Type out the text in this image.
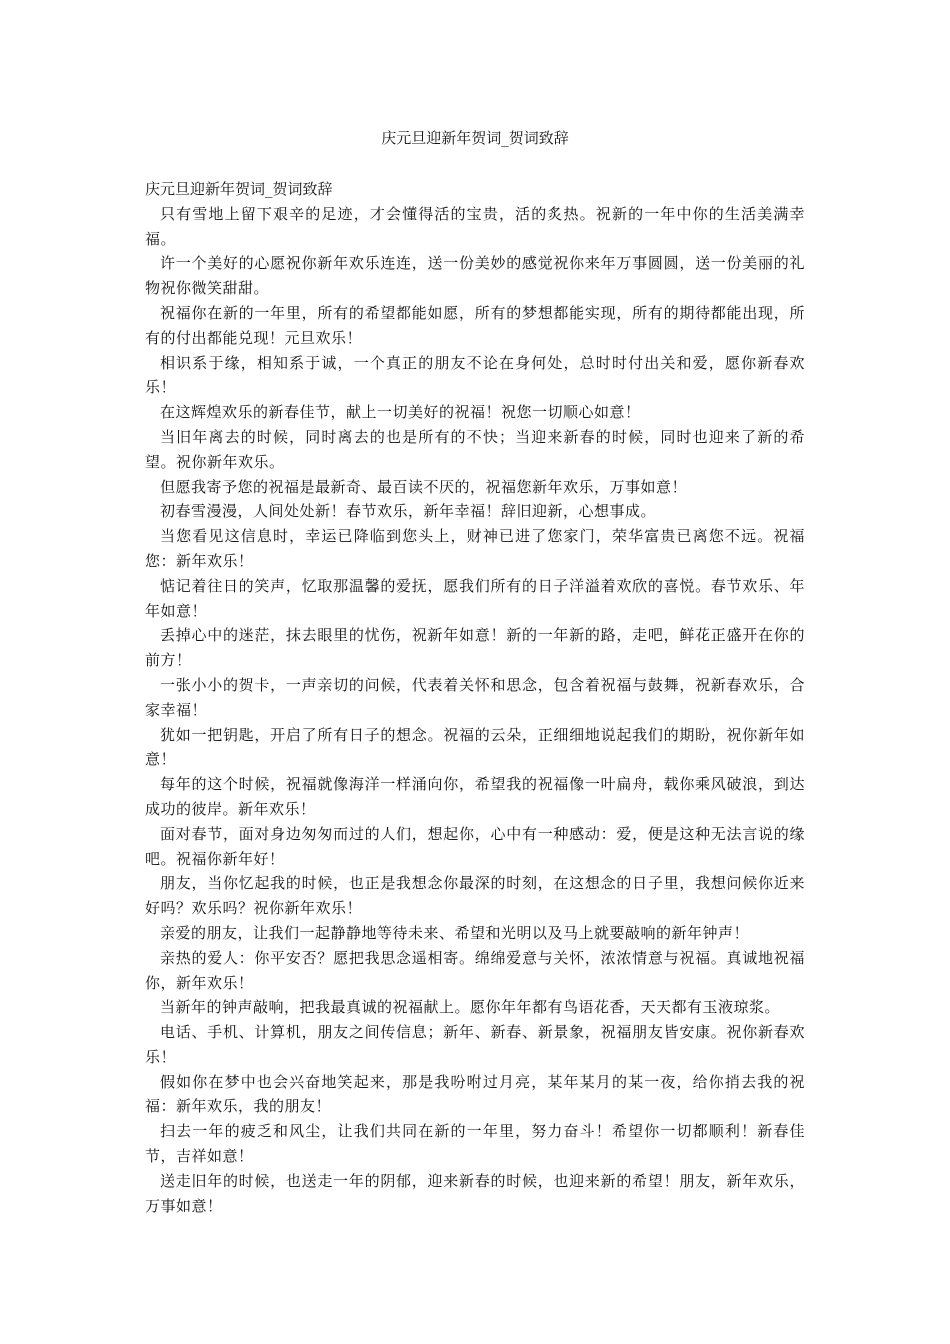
庆元旦迎新年贺词_贺词致辞

庆元旦迎新年贺词_贺词致辞

只有雪地上留下艰辛的足迹，才会懂得活的宝贵，活的炙热。祝新的一年中你的生活美满幸福。

许一个美好的心愿祝你新年欢乐连连，送一份美妙的感觉祝你来年万事圆圆，送一份美丽的礼物祝你微笑甜甜。

祝福你在新的一年里，所有的希望都能如愿，所有的梦想都能实现，所有的期待都能出现，所有的付出都能兑现！元旦欢乐！

相识系于缘，相知系于诚，一个真正的朋友不论在身何处，总时时付出关和爱，愿你新春欢乐！

在这辉煌欢乐的新春佳节，献上一切美好的祝福！祝您一切顺心如意！

当旧年离去的时候，同时离去的也是所有的不快；当迎来新春的时候，同时也迎来了新的希望。祝你新年欢乐。

但愿我寄予您的祝福是最新奇、最百读不厌的，祝福您新年欢乐，万事如意！

初春雪漫漫，人间处处新！春节欢乐，新年幸福！辞旧迎新，心想事成。

当您看见这信息时，幸运已降临到您头上，财神已进了您家门，荣华富贵已离您不远。祝福您：新年欢乐！

惦记着往日的笑声，忆取那温馨的爱抚，愿我们所有的日子洋溢着欢欣的喜悦。春节欢乐、年年如意！

丢掉心中的迷茫，抹去眼里的忧伤，祝新年如意！新的一年新的路，走吧，鲜花正盛开在你的前方！

一张小小的贺卡，一声亲切的问候，代表着关怀和思念，包含着祝福与鼓舞，祝新春欢乐，合家幸福！

犹如一把钥匙，开启了所有日子的想念。祝福的云朵，正细细地说起我们的期盼，祝你新年如意！

每年的这个时候，祝福就像海洋一样涌向你，希望我的祝福像一叶扁舟，载你乘风破浪，到达成功的彼岸。新年欢乐！

面对春节，面对身边匆匆而过的人们，想起你，心中有一种感动：爱，便是这种无法言说的缘吧。祝福你新年好！

朋友，当你忆起我的时候，也正是我想念你最深的时刻，在这想念的日子里，我想问候你近来好吗？欢乐吗？祝你新年欢乐！

亲爱的朋友，让我们一起静静地等待未来、希望和光明以及马上就要敲响的新年钟声！

亲热的爱人：你平安否？愿把我思念遥相寄。绵绵爱意与关怀，浓浓情意与祝福。真诚地祝福你，新年欢乐！

当新年的钟声敲响，把我最真诚的祝福献上。愿你年年都有鸟语花香，天天都有玉液琼浆。

电话、手机、计算机，朋友之间传信息；新年、新春、新景象，祝福朋友皆安康。祝你新春欢乐！

假如你在梦中也会兴奋地笑起来，那是我吩咐过月亮，某年某月的某一夜，给你捎去我的祝福：新年欢乐，我的朋友！

扫去一年的疲乏和风尘，让我们共同在新的一年里，努力奋斗！希望你一切都顺利！新春佳节，吉祥如意！

送走旧年的时候，也送走一年的阴郁，迎来新春的时候，也迎来新的希望！朋友，新年欢乐，万事如意！
